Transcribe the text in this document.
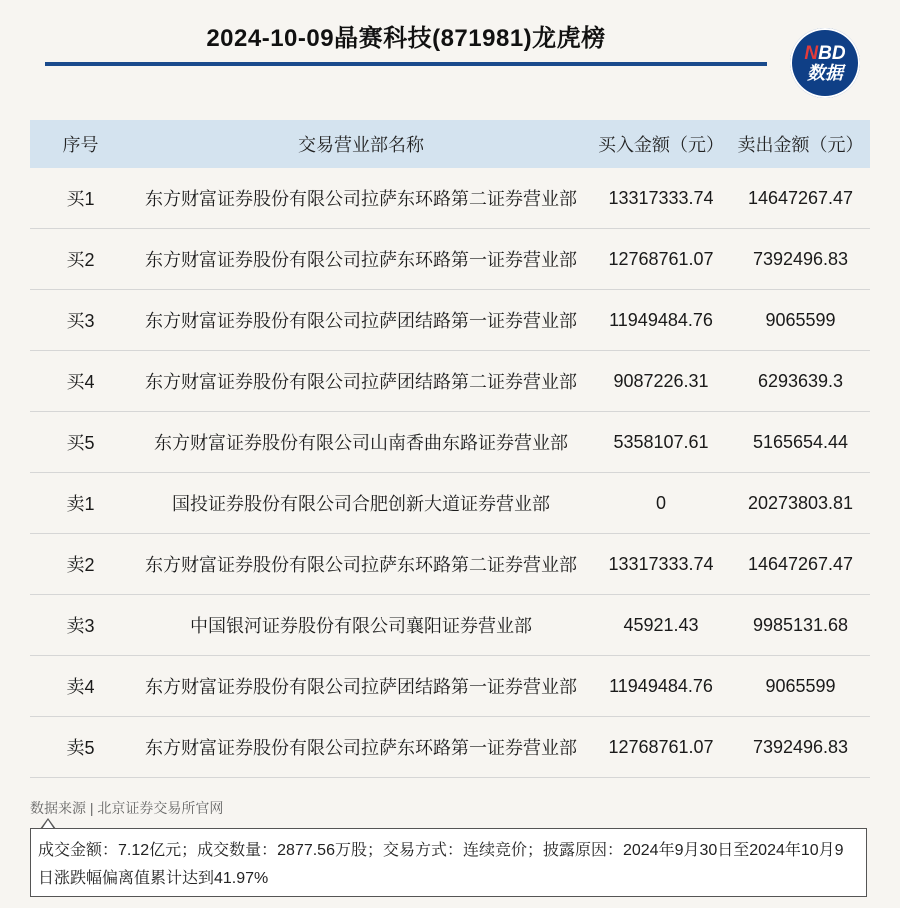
2024-10-09晶赛科技(871981)龙虎榜
NBD
数据
序号	交易营业部名称	买入金额（元） 卖出金额（元）
买1	东方财富证券股份有限公司拉萨东环路第二证券营业部	13317333.74	14647267.47
买2	东方财富证券股份有限公司拉萨东环路第一证券营业部	12768761.07	7392496.83
买3	东方财富证券股份有限公司拉萨团结路第一证券营业部	11949484.76	9065599
买4	东方财富证券股份有限公司拉萨团结路第二证券营业部	9087226.31	6293639.3
买5	东方财富证券股份有限公司山南香曲东路证券营业部	5358107.61	5165654.44
卖1	国投证券股份有限公司合肥创新大道证券营业部	0	20273803.81
卖2	东方财富证券股份有限公司拉萨东环路第二证券营业部	13317333.74	14647267.47
卖3	中国银河证券股份有限公司襄阳证券营业部	45921.43	9985131.68
卖4	东方财富证券股份有限公司拉萨团结路第一证券营业部	11949484.76	9065599
卖5	东方财富证券股份有限公司拉萨东环路第一证券营业部	12768761.07	7392496.83
数据来源 | 北京证券交易所官网
成交金额：7.12亿元；成交数量：2877.56万股；交易方式：连续竞价；披露原因：2024年9月30日至2024年10月9日涨跌幅偏离值累计达到41.97%
